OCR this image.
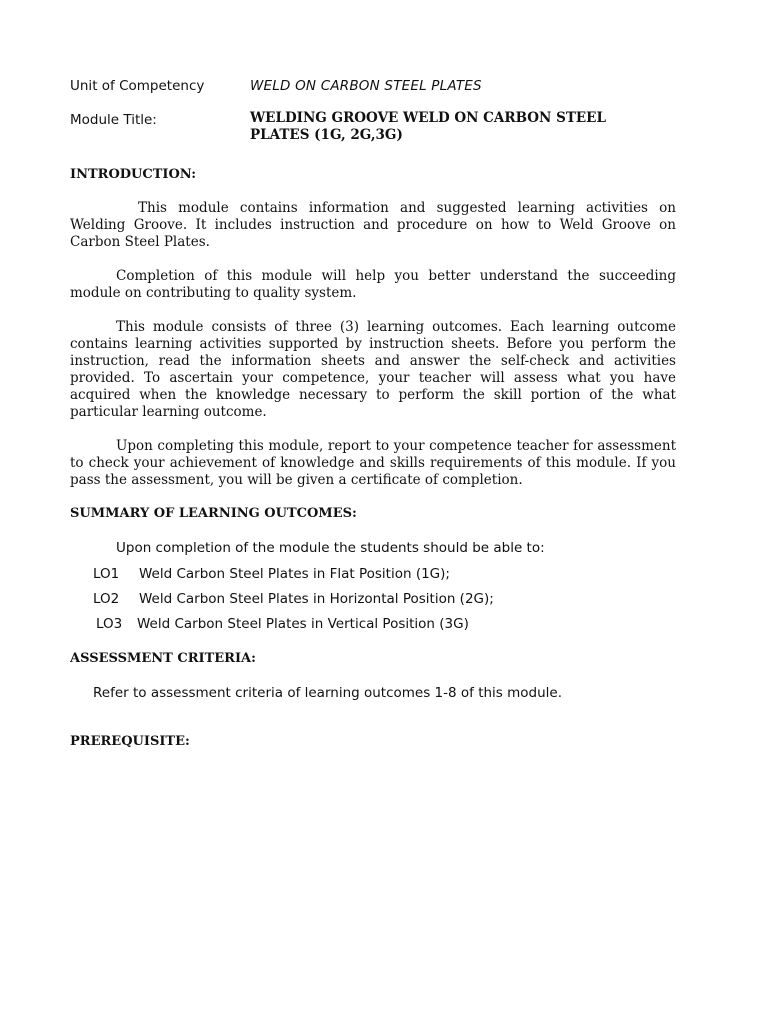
Unit of Competency	WELD ON CARBON STEEL PLATES
Module Title:	WELDING GROOVE WELD ON CARBON STEEL
PLATES (1G, 2G,3G)
INTRODUCTION:

This module contains information and suggested learning activities on Welding Groove. It includes instruction and procedure on how to Weld Groove on Carbon Steel Plates.

Completion of this module will help you better understand the succeeding module on contributing to quality system.

This module consists of three (3) learning outcomes. Each learning outcome contains learning activities supported by instruction sheets. Before you perform the instruction, read the information sheets and answer the self-check and activities provided. To ascertain your competence, your teacher will assess what you have acquired when the knowledge necessary to perform the skill portion of the what particular learning outcome.

Upon completing this module, report to your competence teacher for assessment to check your achievement of knowledge and skills requirements of this module. If you pass the assessment, you will be given a certificate of completion.

SUMMARY OF LEARNING OUTCOMES:

Upon completion of the module the students should be able to:

LO1	Weld Carbon Steel Plates in Flat Position (1G);
LO2	Weld Carbon Steel Plates in Horizontal Position (2G);
LO3	Weld Carbon Steel Plates in Vertical Position (3G)
ASSESSMENT CRITERIA:

Refer to assessment criteria of learning outcomes 1-8 of this module.

PREREQUISITE:
